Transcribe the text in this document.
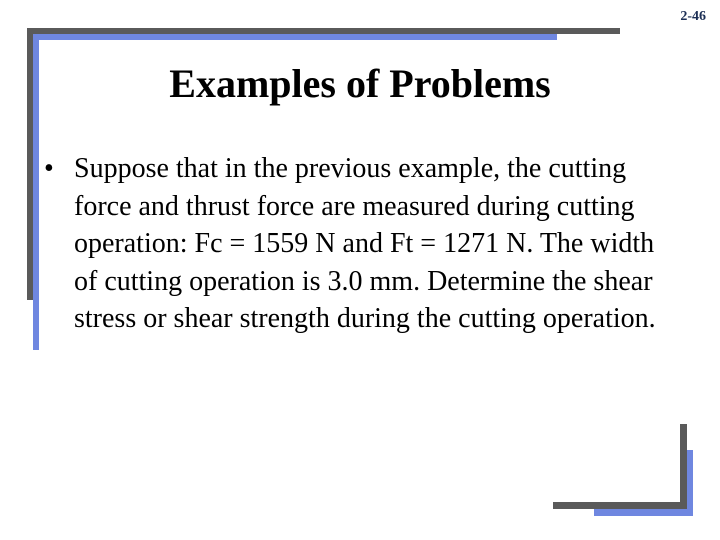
2-46
Examples of Problems
• Suppose that in the previous example, the cutting force and thrust force are measured during cutting operation: Fc = 1559 N and Ft = 1271 N. The width of cutting operation is 3.0 mm. Determine the shear stress or shear strength during the cutting operation.
